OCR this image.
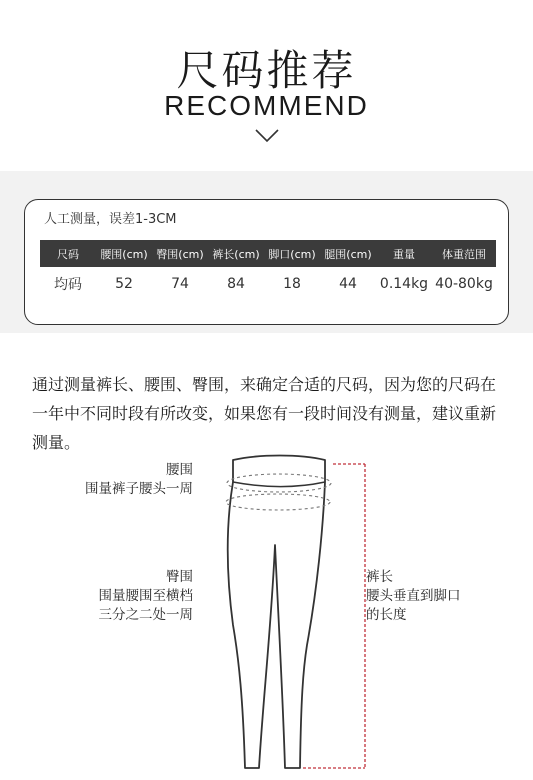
尺码推荐
RECOMMEND
人工测量，误差1-3CM
尺码	腰围(cm)	臀围(cm)	裤长(cm)	脚口(cm)	腿围(cm)	重量	体重范围
均码	52	74	84	18	44	0.14kg	40-80kg
通过测量裤长、腰围、臀围，来确定合适的尺码，因为您的尺码在一年中不同时段有所改变，如果您有一段时间没有测量，建议重新测量。
腰围
围量裤子腰头一周
臀围
围量腰围至横档
三分之二处一周
裤长
腰头垂直到脚口
的长度
